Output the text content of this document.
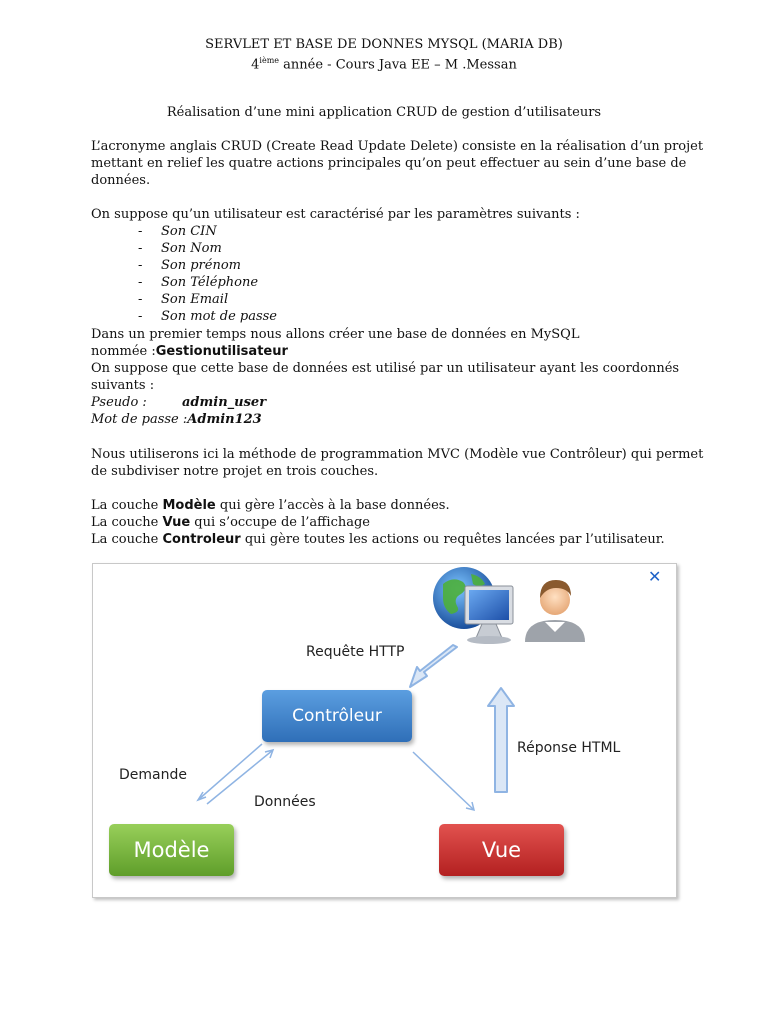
SERVLET ET BASE DE DONNES MYSQL (MARIA DB)
4ième année - Cours Java EE – M .Messan
Réalisation d’une mini application CRUD de gestion d’utilisateurs
L’acronyme anglais CRUD (Create Read Update Delete) consiste en la réalisation d’un projet
mettant en relief les quatre actions principales qu’on peut effectuer au sein d’une base de
données.
On suppose qu’un utilisateur est caractérisé par les paramètres suivants :
- Son CIN
- Son Nom
- Son prénom
- Son Téléphone
- Son Email
- Son mot de passe
Dans un premier temps nous allons créer une base de données en MySQL
nommée :Gestionutilisateur
On suppose que cette base de données est utilisé par un utilisateur ayant les coordonnés
suivants :
Pseudo :	admin_user
Mot de passe :Admin123
Nous utiliserons ici la méthode de programmation MVC (Modèle vue Contrôleur) qui permet
de subdiviser notre projet en trois couches.
La couche Modèle qui gère l’accès à la base données.
La couche Vue qui s’occupe de l’affichage
La couche Controleur qui gère toutes les actions ou requêtes lancées par l’utilisateur.
✕
Requête HTTP
Contrôleur
Réponse HTML
Demande
Données
Modèle	Vue
